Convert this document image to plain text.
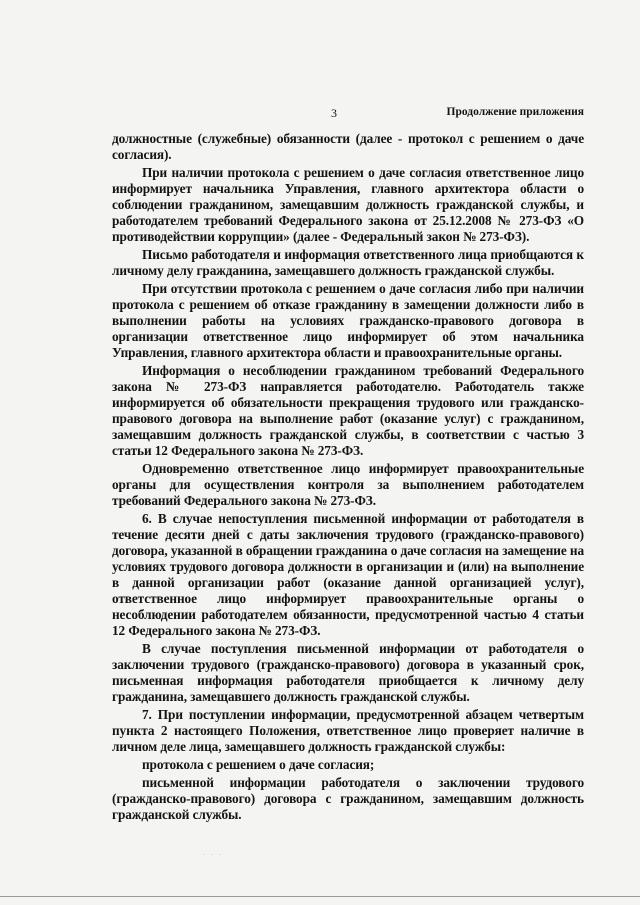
3	Продолжение приложения

должностные (служебные) обязанности (далее - протокол с решением о даче согласия).

При наличии протокола с решением о даче согласия ответственное лицо информирует начальника Управления, главного архитектора области о соблюдении гражданином, замещавшим должность гражданской службы, и работодателем требований Федерального закона от 25.12.2008 № 273-ФЗ «О противодействии коррупции» (далее - Федеральный закон № 273-ФЗ).

Письмо работодателя и информация ответственного лица приобщаются к личному делу гражданина, замещавшего должность гражданской службы.

При отсутствии протокола с решением о даче согласия либо при наличии протокола с решением об отказе гражданину в замещении должности либо в выполнении работы на условиях гражданско-правового договора в организации ответственное лицо информирует об этом начальника Управления, главного архитектора области и правоохранительные органы.

Информация о несоблюдении гражданином требований Федерального закона № 273-ФЗ направляется работодателю. Работодатель также информируется об обязательности прекращения трудового или гражданско-правового договора на выполнение работ (оказание услуг) с гражданином, замещавшим должность гражданской службы, в соответствии с частью 3 статьи 12 Федерального закона № 273-ФЗ.

Одновременно ответственное лицо информирует правоохранительные органы для осуществления контроля за выполнением работодателем требований Федерального закона № 273-ФЗ.

6. В случае непоступления письменной информации от работодателя в течение десяти дней с даты заключения трудового (гражданско-правового) договора, указанной в обращении гражданина о даче согласия на замещение на условиях трудового договора должности в организации и (или) на выполнение в данной организации работ (оказание данной организацией услуг), ответственное лицо информирует правоохранительные органы о несоблюдении работодателем обязанности, предусмотренной частью 4 статьи 12 Федерального закона № 273-ФЗ.

В случае поступления письменной информации от работодателя о заключении трудового (гражданско-правового) договора в указанный срок, письменная информация работодателя приобщается к личному делу гражданина, замещавшего должность гражданской службы.

7. При поступлении информации, предусмотренной абзацем четвертым пункта 2 настоящего Положения, ответственное лицо проверяет наличие в личном деле лица, замещавшего должность гражданской службы:

протокола с решением о даче согласия;

письменной информации работодателя о заключении трудового (гражданско-правового) договора с гражданином, замещавшим должность гражданской службы.

· · ·
